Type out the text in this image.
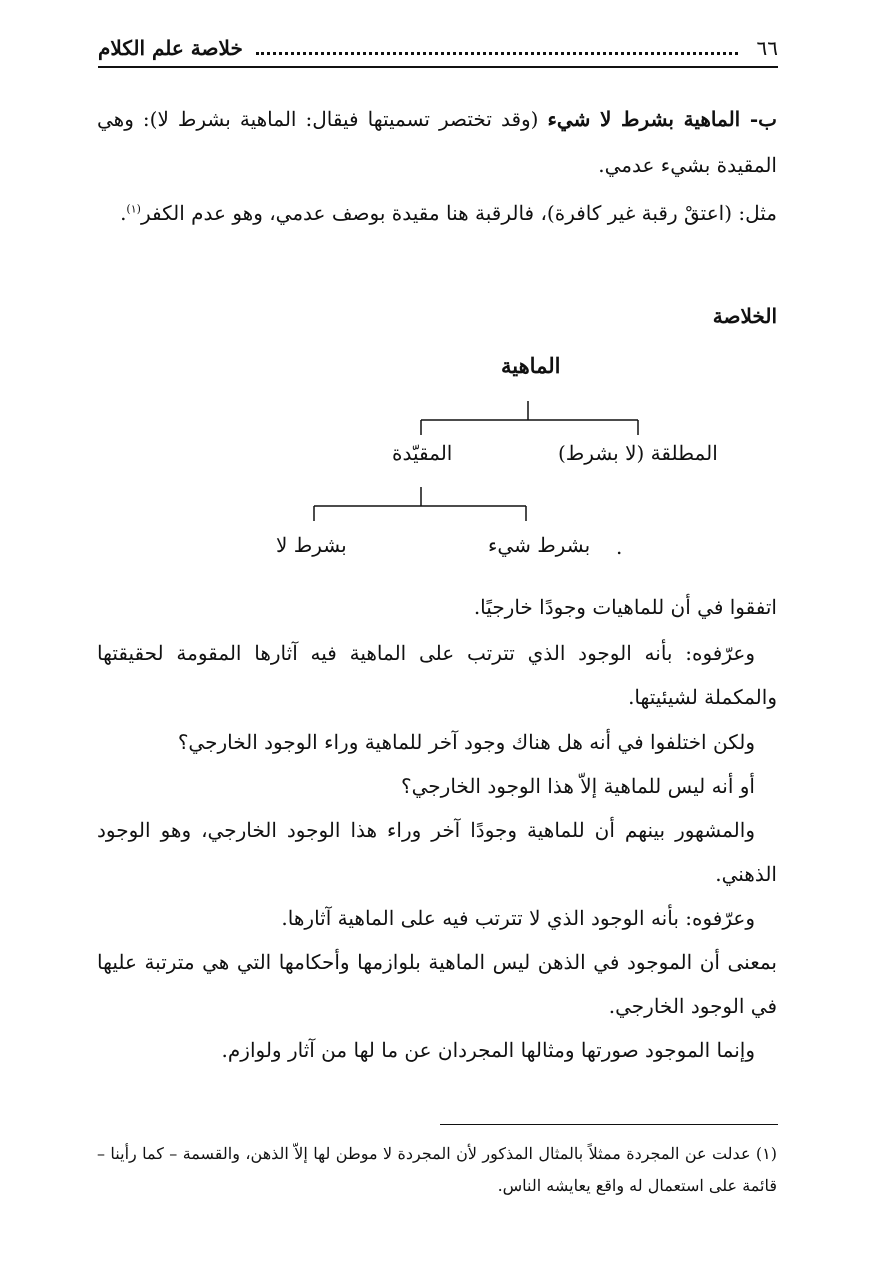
٦٦
خلاصة علم الكلام
ب- الماهية بشرط لا شيء (وقد تختصر تسميتها فيقال: الماهية بشرط لا): وهي المقيدة بشيء عدمي.
مثل: (اعتقْ رقبة غير كافرة)، فالرقبة هنا مقيدة بوصف عدمي، وهو عدم الكفر$^{(١)}$.
الخلاصة
الماهية
المطلقة (لا بشرط)
المقيّدة
بشرط شيء
بشرط لا	.
اتفقوا في أن للماهيات وجودًا خارجيًا.
وعرّفوه: بأنه الوجود الذي تترتب على الماهية فيه آثارها المقومة لحقيقتها والمكملة لشيئيتها.
ولكن اختلفوا في أنه هل هناك وجود آخر للماهية وراء الوجود الخارجي؟
أو أنه ليس للماهية إلاّ هذا الوجود الخارجي؟
والمشهور بينهم أن للماهية وجودًا آخر وراء هذا الوجود الخارجي، وهو الوجود الذهني.
وعرّفوه: بأنه الوجود الذي لا تترتب فيه على الماهية آثارها.
بمعنى أن الموجود في الذهن ليس الماهية بلوازمها وأحكامها التي هي مترتبة عليها في الوجود الخارجي.
وإنما الموجود صورتها ومثالها المجردان عن ما لها من آثار ولوازم.
(١) عدلت عن المجردة ممثلاً بالمثال المذكور لأن المجردة لا موطن لها إلاّ الذهن، والقسمة – كما رأينا – قائمة على استعمال له واقع يعايشه الناس.
